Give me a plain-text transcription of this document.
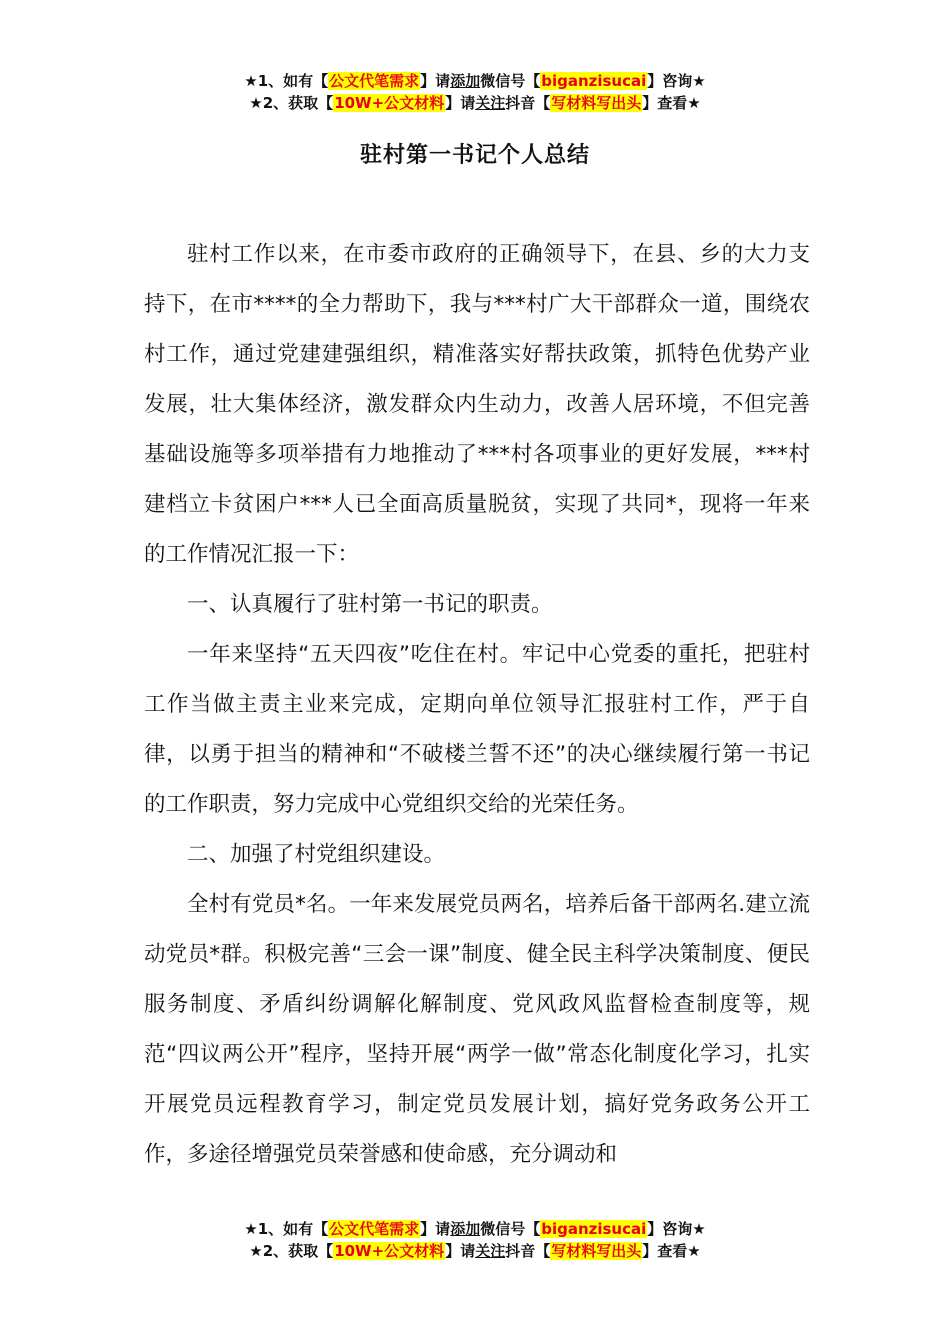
★1、如有【公文代笔需求】请添加微信号【biganzisucai】咨询★
★2、获取【10W+公文材料】请关注抖音【写材料写出头】查看★
驻村第一书记个人总结

驻村工作以来，在市委市政府的正确领导下，在县、乡的大力支持下，在市****的全力帮助下，我与***村广大干部群众一道，围绕农村工作，通过党建建强组织，精准落实好帮扶政策，抓特色优势产业发展，壮大集体经济，激发群众内生动力，改善人居环境，不但完善基础设施等多项举措有力地推动了***村各项事业的更好发展，***村建档立卡贫困户***人已全面高质量脱贫，实现了共同*，现将一年来的工作情况汇报一下：

一、认真履行了驻村第一书记的职责。

一年来坚持“五天四夜”吃住在村。牢记中心党委的重托，把驻村工作当做主责主业来完成，定期向单位领导汇报驻村工作，严于自律，以勇于担当的精神和“不破楼兰誓不还”的决心继续履行第一书记的工作职责，努力完成中心党组织交给的光荣任务。

二、加强了村党组织建设。

全村有党员*名。一年来发展党员两名，培养后备干部两名.建立流动党员*群。积极完善“三会一课”制度、健全民主科学决策制度、便民服务制度、矛盾纠纷调解化解制度、党风政风监督检查制度等，规范“四议两公开”程序，坚持开展“两学一做”常态化制度化学习，扎实开展党员远程教育学习，制定党员发展计划，搞好党务政务公开工作，多途径增强党员荣誉感和使命感，充分调动和

★1、如有【公文代笔需求】请添加微信号【biganzisucai】咨询★
★2、获取【10W+公文材料】请关注抖音【写材料写出头】查看★
